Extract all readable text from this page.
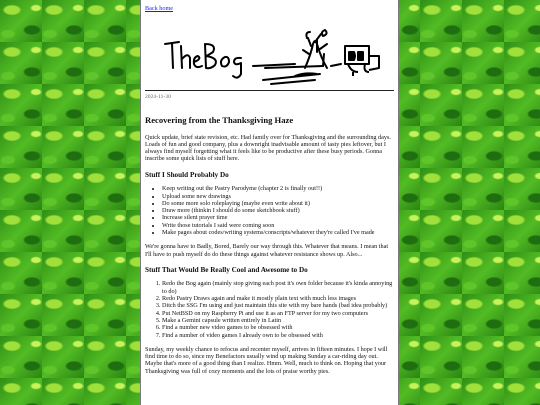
Back home
2024-11-30
Recovering from the Thanksgiving Haze

Quick update, brief state revision, etc. Had family over for Thanksgiving and the surrounding days. Loads of fun and good company, plus a downright inadvisable amount of tasty pies leftover, but I always find myself forgetting what it feels like to be productive after these busy periods. Gonna inscribe some quick lists of stuff here.

Stuff I Should Probably Do
• Keep writing out the Pastry Parodyme (chapter 2 is finally out!!)
• Upload some new drawings
• Do some more solo roleplaying (maybe even write about it)
• Draw more (thinkin I should do some sketchbook stuff)
• Increase silent prayer time
• Write those tutorials I said were coming soon
• Make pages about codes/writing systems/conscripts/whatever they're called I've made

We're gonna have to Badly, Bored, Barely our way through this. Whatever that means. I mean that I'll have to push myself do do these things against whatever resistance shows up. Also...

Stuff That Would Be Really Cool and Awesome to Do
1. Redo the Bog again (mainly stop giving each post it's own folder because it's kinda annoying to do)
2. Redo Pastry Draws again and make it mostly plain text with much less images
3. Ditch the SSG I'm using and just maintain this site with my bare hands (bad idea probably)
4. Put NetBSD on my Raspberry Pi and use it as an FTP server for my two computers
5. Make a Gemini capsule written entirely in Latin
6. Find a number new video games to be obsessed with
7. Find a number of video games I already own to be obsessed with

Sunday, my weekly chance to refocus and recenter myself, arrives in fifteen minutes. I hope I will find time to do so, since my Benefactors usually wind up making Sunday a car-riding day out. Maybe that's more of a good thing than I realize. Hmm. Well, much to think on. Hoping that your Thanksgiving was full of cozy moments and the lots of praise worthy pies.
